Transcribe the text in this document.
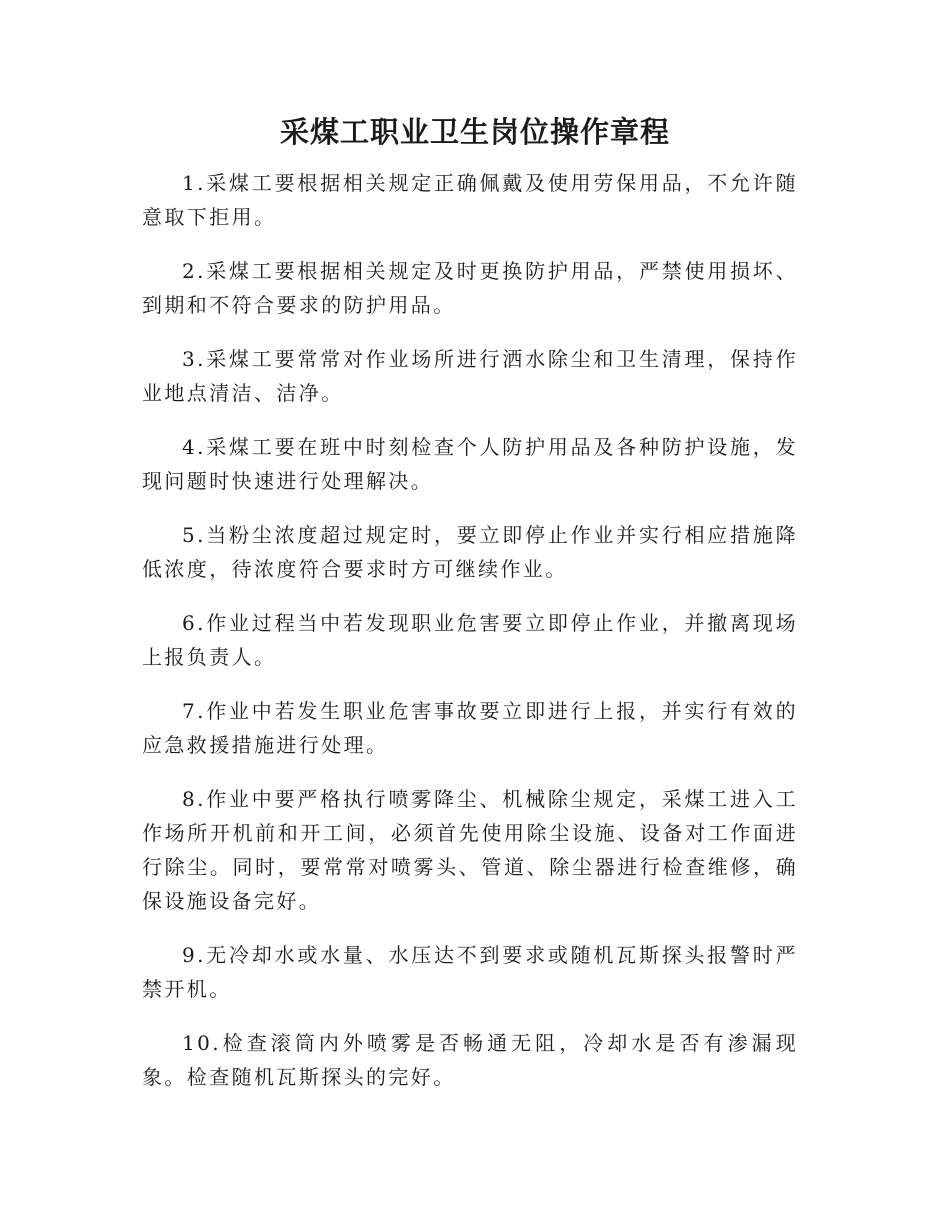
采煤工职业卫生岗位操作章程

1.采煤工要根据相关规定正确佩戴及使用劳保用品，不允许随意取下拒用。

2.采煤工要根据相关规定及时更换防护用品，严禁使用损坏、到期和不符合要求的防护用品。

3.采煤工要常常对作业场所进行洒水除尘和卫生清理，保持作业地点清洁、洁净。

4.采煤工要在班中时刻检查个人防护用品及各种防护设施，发现问题时快速进行处理解决。

5.当粉尘浓度超过规定时，要立即停止作业并实行相应措施降低浓度，待浓度符合要求时方可继续作业。

6.作业过程当中若发现职业危害要立即停止作业，并撤离现场上报负责人。

7.作业中若发生职业危害事故要立即进行上报，并实行有效的应急救援措施进行处理。

8.作业中要严格执行喷雾降尘、机械除尘规定，采煤工进入工作场所开机前和开工间，必须首先使用除尘设施、设备对工作面进行除尘。同时，要常常对喷雾头、管道、除尘器进行检查维修，确保设施设备完好。

9.无冷却水或水量、水压达不到要求或随机瓦斯探头报警时严禁开机。

10.检查滚筒内外喷雾是否畅通无阻，冷却水是否有渗漏现象。检查随机瓦斯探头的完好。
